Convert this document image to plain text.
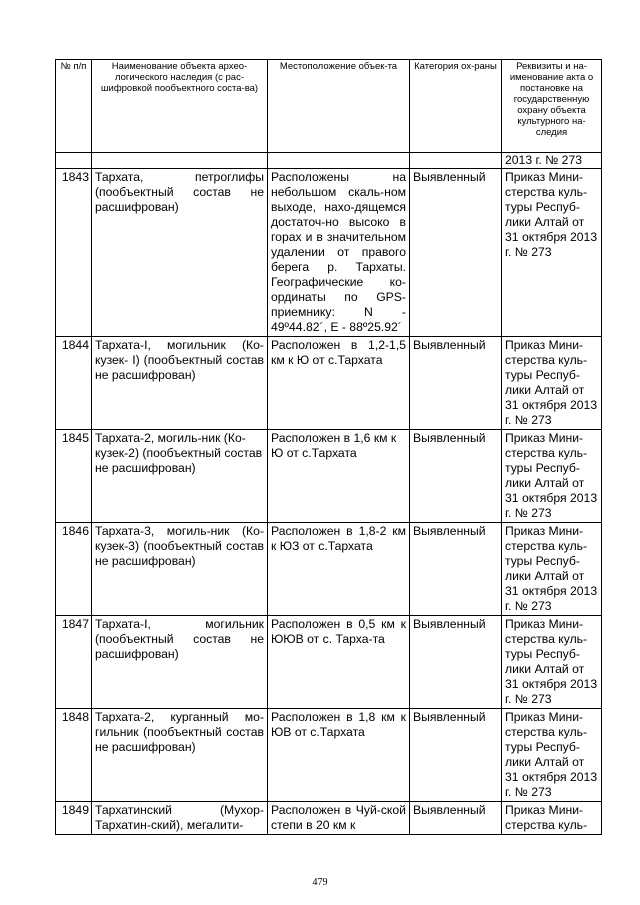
№ п/п	Наименование объекта архео-логического наследия (с рас-шифровкой пообъектного соста-ва)	Местоположение объек-та	Категория ох-раны	Реквизиты и на-именование акта о постановке на государственную охрану объекта культурного на-следия
				2013 г. № 273
1843	Тархата, петроглифы (пообъектный состав не расшифрован)	Расположены на небольшом скаль-ном выходе, нахо-дящемся достаточ-но высоко в горах и в значительном удалении от правого берега р. Тархаты. Географические ко-ординаты по GPS-приемнику: N - 49º44.82´, E - 88º25.92´	Выявленный	Приказ Мини-стерства куль-туры Респуб-лики Алтай от 31 октября 2013 г. № 273
1844	Тархата-I, могильник (Ко-кузек- I) (пообъектный состав не расшифрован)	Расположен в 1,2-1,5 км к Ю от с.Тархата	Выявленный	Приказ Мини-стерства куль-туры Респуб-лики Алтай от 31 октября 2013 г. № 273
1845	Тархата-2, могиль-ник (Ко-кузек-2) (пообъектный состав не расшифрован)	Расположен в 1,6 км к Ю от с.Тархата	Выявленный	Приказ Мини-стерства куль-туры Респуб-лики Алтай от 31 октября 2013 г. № 273
1846	Тархата-3, могиль-ник (Ко-кузек-3) (пообъектный состав не расшифрован)	Расположен в 1,8-2 км к ЮЗ от с.Тархата	Выявленный	Приказ Мини-стерства куль-туры Респуб-лики Алтай от 31 октября 2013 г. № 273
1847	Тархата-I, могильник (пообъектный состав не расшифрован)	Расположен в 0,5 км к ЮЮВ от с. Тарха-та	Выявленный	Приказ Мини-стерства куль-туры Респуб-лики Алтай от 31 октября 2013 г. № 273
1848	Тархата-2, курганный мо-гильник (пообъектный состав не расшифрован)	Расположен в 1,8 км к ЮВ от с.Тархата	Выявленный	Приказ Мини-стерства куль-туры Респуб-лики Алтай от 31 октября 2013 г. № 273
1849	Тархатинский (Мухор-Тархатин-ский), мегалити-	Расположен в Чуй-ской степи в 20 км к	Выявленный	Приказ Мини-стерства куль-
479
